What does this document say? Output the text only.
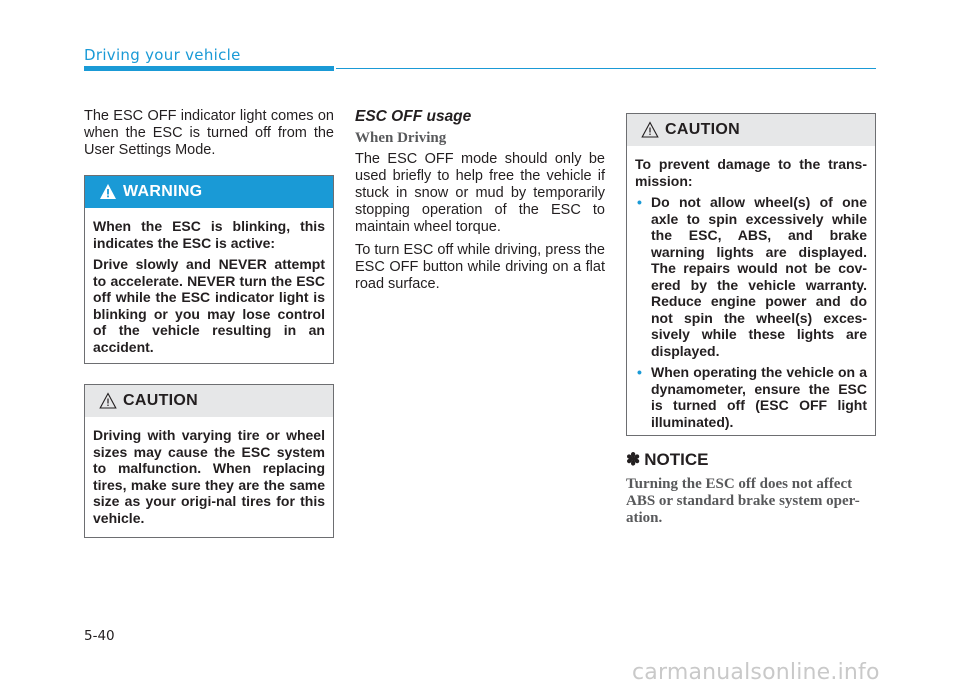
Driving your vehicle

The ESC OFF indicator light comes on when the ESC is turned off from the User Settings Mode.

WARNING

When the ESC is blinking, this indicates the ESC is active:

Drive slowly and NEVER attempt to accelerate. NEVER turn the ESC off while the ESC indicator light is blinking or you may lose control of the vehicle resulting in an accident.

CAUTION

Driving with varying tire or wheel sizes may cause the ESC system to malfunction. When replacing tires, make sure they are the same size as your origi-nal tires for this vehicle.

ESC OFF usage
When Driving

The ESC OFF mode should only be used briefly to help free the vehicle if stuck in snow or mud by temporarily stopping operation of the ESC to maintain wheel torque.

To turn ESC off while driving, press the ESC OFF button while driving on a flat road surface.

CAUTION

To prevent damage to the trans-mission:

• Do not allow wheel(s) of one axle to spin excessively while the ESC, ABS, and brake warning lights are displayed. The repairs would not be cov-ered by the vehicle warranty. Reduce engine power and do not spin the wheel(s) exces-sively while these lights are displayed.
• When operating the vehicle on a dynamometer, ensure the ESC is turned off (ESC OFF light illuminated).
✽ NOTICE

Turning the ESC off does not affect ABS or standard brake system oper-ation.

5-40
carmanualsonline.info
